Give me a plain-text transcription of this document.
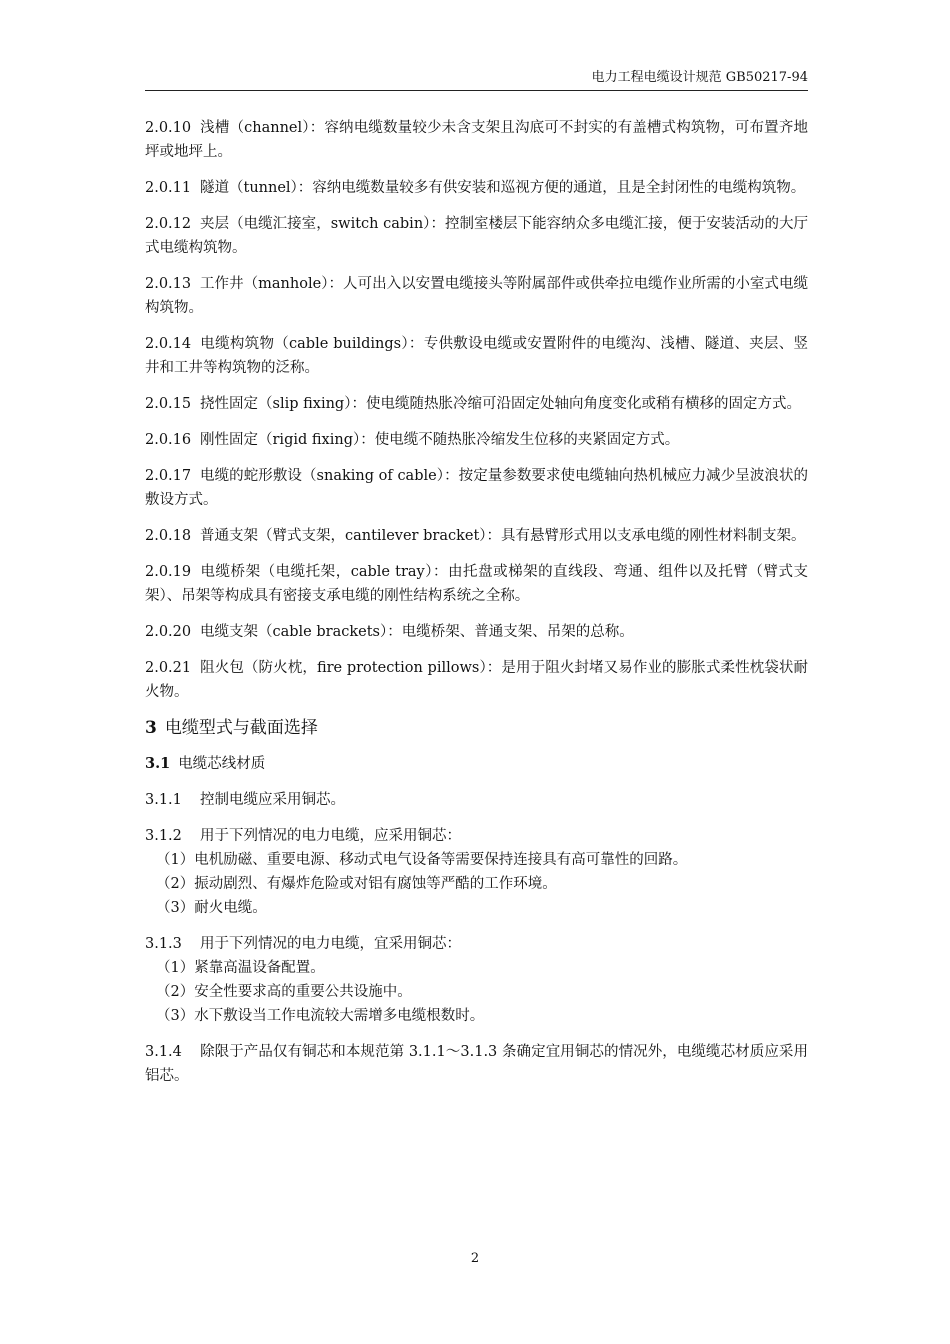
电力工程电缆设计规范 GB50217-94

2.0.10 浅槽（channel）：容纳电缆数量较少未含支架且沟底可不封实的有盖槽式构筑物，可布置齐地坪或地坪上。

2.0.11 隧道（tunnel）：容纳电缆数量较多有供安装和巡视方便的通道，且是全封闭性的电缆构筑物。

2.0.12 夹层（电缆汇接室，switch cabin）：控制室楼层下能容纳众多电缆汇接，便于安装活动的大厅式电缆构筑物。

2.0.13 工作井（manhole）：人可出入以安置电缆接头等附属部件或供牵拉电缆作业所需的小室式电缆构筑物。

2.0.14 电缆构筑物（cable buildings）：专供敷设电缆或安置附件的电缆沟、浅槽、隧道、夹层、竖井和工井等构筑物的泛称。

2.0.15 挠性固定（slip fixing）：使电缆随热胀冷缩可沿固定处轴向角度变化或稍有横移的固定方式。

2.0.16 刚性固定（rigid fixing）：使电缆不随热胀冷缩发生位移的夹紧固定方式。

2.0.17 电缆的蛇形敷设（snaking of cable）：按定量参数要求使电缆轴向热机械应力减少呈波浪状的敷设方式。

2.0.18 普通支架（臂式支架，cantilever bracket）：具有悬臂形式用以支承电缆的刚性材料制支架。

2.0.19 电缆桥架（电缆托架，cable tray）：由托盘或梯架的直线段、弯通、组件以及托臂（臂式支架）、吊架等构成具有密接支承电缆的刚性结构系统之全称。

2.0.20 电缆支架（cable brackets）：电缆桥架、普通支架、吊架的总称。

2.0.21 阻火包（防火枕，fire protection pillows）：是用于阻火封堵又易作业的膨胀式柔性枕袋状耐火物。

3 电缆型式与截面选择
3.1 电缆芯线材质

3.1.1 控制电缆应采用铜芯。

3.1.2 用于下列情况的电力电缆，应采用铜芯：

（1）电机励磁、重要电源、移动式电气设备等需要保持连接具有高可靠性的回路。

（2）振动剧烈、有爆炸危险或对铝有腐蚀等严酷的工作环境。

（3）耐火电缆。

3.1.3 用于下列情况的电力电缆，宜采用铜芯：

（1）紧靠高温设备配置。

（2）安全性要求高的重要公共设施中。

（3）水下敷设当工作电流较大需增多电缆根数时。

3.1.4 除限于产品仅有铜芯和本规范第 3.1.1～3.1.3 条确定宜用铜芯的情况外，电缆缆芯材质应采用铝芯。

2
